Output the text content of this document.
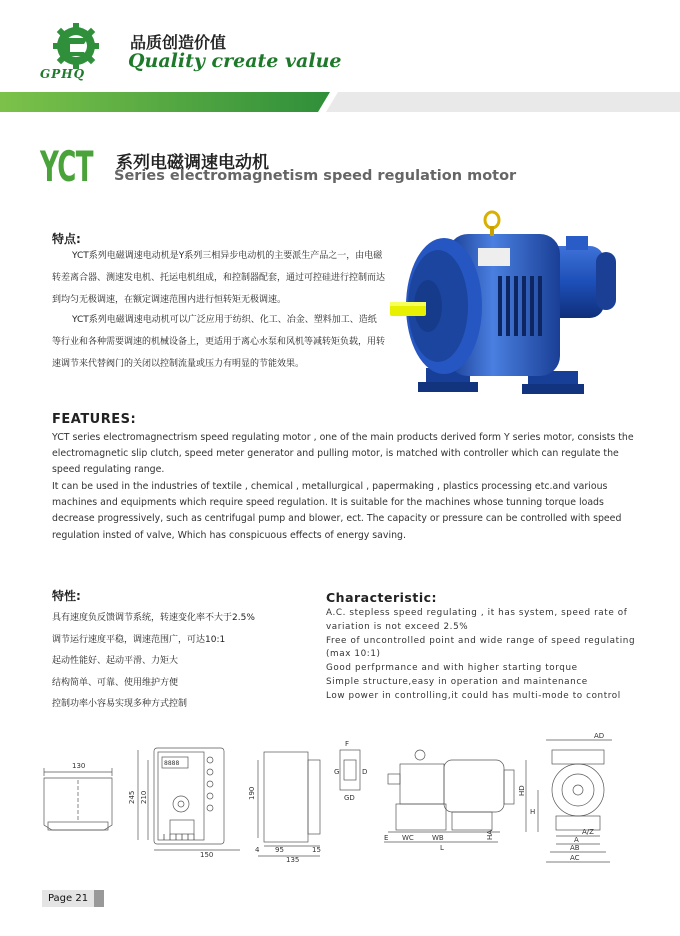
GPHQ
品质创造价值
Quality create value
YCT 系列电磁调速电动机
Series electromagnetism speed regulation motor
特点:

YCT系列电磁调速电动机是Y系列三相异步电动机的主要派生产品之一，由电磁转差离合器、测速发电机、托运电机组成，和控制器配套，通过可控硅进行控制而达到均匀无极调速，在额定调速范围内进行恒转矩无极调速。

YCT系列电磁调速电动机可以广泛应用于纺织、化工、冶金、塑料加工、造纸等行业和各种需要调速的机械设备上，更适用于离心水泵和风机等减转矩负载，用转速调节来代替阀门的关闭以控制流量或压力有明显的节能效果。

FEATURES:

YCT series electromagnectrism speed regulating motor , one of the main products derived form Y series motor, consists the electromagnetic slip clutch, speed meter generator and pulling motor, is matched with controller which can regulate the speed regulating range.

It can be used in the industries of textile , chemical , metallurgical , papermaking , plastics processing etc.and various machines and equipments which require speed regulation. It is suitable for the machines whose tunning torque loads decrease progressively, such as centrifugal pump and blower, ect. The capacity or pressure can be controlled with speed regulation insted of valve, Which has conspicuous effects of energy saving.

特性:
具有速度负反馈调节系统，转速变化率不大于2.5%
调节运行速度平稳，调速范围广，可达10:1
起动性能好、起动平滑、力矩大
结构简单、可靠、使用维护方便
控制功率小容易实现多种方式控制
Characteristic:
A.C. stepless speed regulating , it has system, speed rate of
variation is not exceed 2.5%
Free of uncontrolled point and wide range of speed regulating
(max 10:1)
Good perfprmance and with higher starting torque
Simple structure,easy in operation and maintenance
Low power in controlling,it could has multi-mode to control
130
245 210
8888
150
190
4 95	15
135
F
GD
G	D
E WC	WB
L
HA
AD
HD
H
A/Z
A
AB
AC
Page 21
